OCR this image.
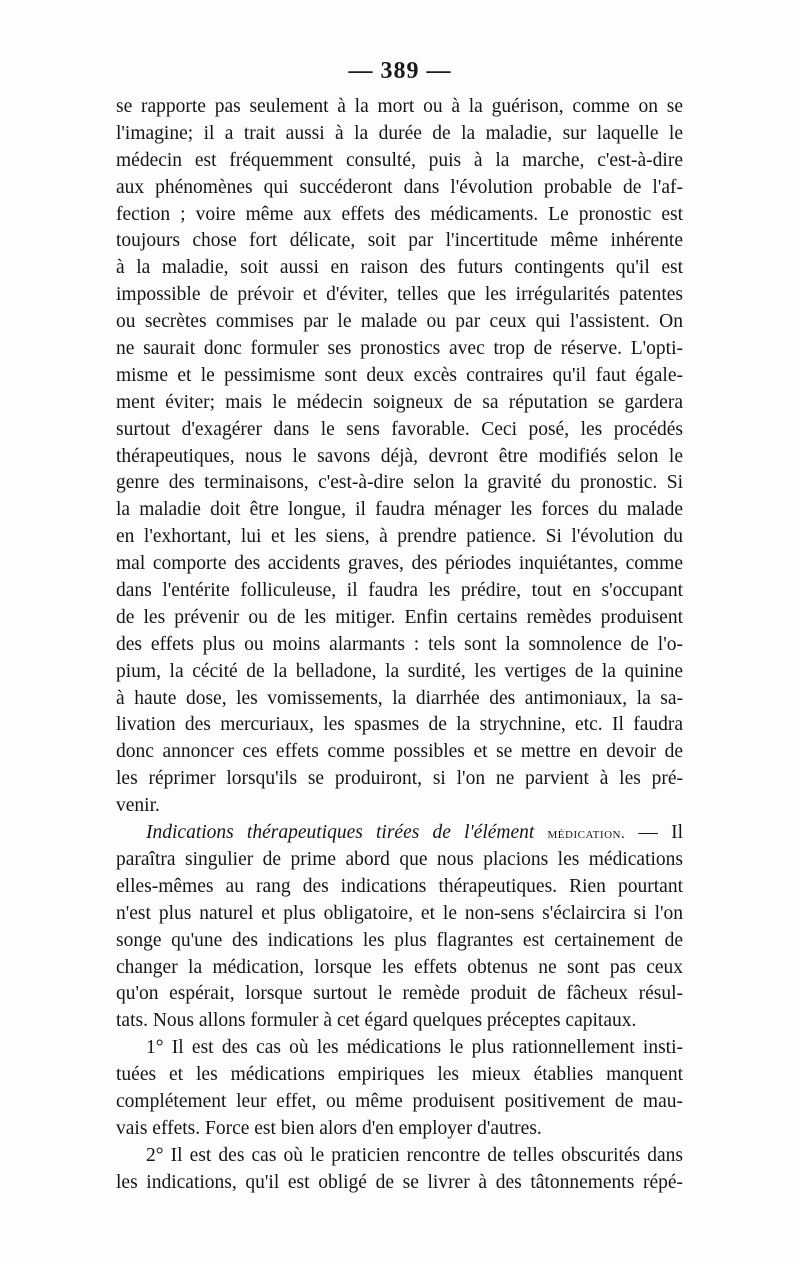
— 389 —
se rapporte pas seulement à la mort ou à la guérison, comme on se
l'imagine; il a trait aussi à la durée de la maladie, sur laquelle le
médecin est fréquemment consulté, puis à la marche, c'est-à-dire
aux phénomènes qui succéderont dans l'évolution probable de l'af-
fection ; voire même aux effets des médicaments. Le pronostic est
toujours chose fort délicate, soit par l'incertitude même inhérente
à la maladie, soit aussi en raison des futurs contingents qu'il est
impossible de prévoir et d'éviter, telles que les irrégularités patentes
ou secrètes commises par le malade ou par ceux qui l'assistent. On
ne saurait donc formuler ses pronostics avec trop de réserve. L'opti-
misme et le pessimisme sont deux excès contraires qu'il faut égale-
ment éviter; mais le médecin soigneux de sa réputation se gardera
surtout d'exagérer dans le sens favorable. Ceci posé, les procédés
thérapeutiques, nous le savons déjà, devront être modifiés selon le
genre des terminaisons, c'est-à-dire selon la gravité du pronostic. Si
la maladie doit être longue, il faudra ménager les forces du malade
en l'exhortant, lui et les siens, à prendre patience. Si l'évolution du
mal comporte des accidents graves, des périodes inquiétantes, comme
dans l'entérite folliculeuse, il faudra les prédire, tout en s'occupant
de les prévenir ou de les mitiger. Enfin certains remèdes produisent
des effets plus ou moins alarmants : tels sont la somnolence de l'o-
pium, la cécité de la belladone, la surdité, les vertiges de la quinine
à haute dose, les vomissements, la diarrhée des antimoniaux, la sa-
livation des mercuriaux, les spasmes de la strychnine, etc. Il faudra
donc annoncer ces effets comme possibles et se mettre en devoir de
les réprimer lorsqu'ils se produiront, si l'on ne parvient à les pré-
venir.
Indications thérapeutiques tirées de l'élément médication. — Il
paraîtra singulier de prime abord que nous placions les médications
elles-mêmes au rang des indications thérapeutiques. Rien pourtant
n'est plus naturel et plus obligatoire, et le non-sens s'éclaircira si l'on
songe qu'une des indications les plus flagrantes est certainement de
changer la médication, lorsque les effets obtenus ne sont pas ceux
qu'on espérait, lorsque surtout le remède produit de fâcheux résul-
tats. Nous allons formuler à cet égard quelques préceptes capitaux.
1° Il est des cas où les médications le plus rationnellement insti-
tuées et les médications empiriques les mieux établies manquent
complétement leur effet, ou même produisent positivement de mau-
vais effets. Force est bien alors d'en employer d'autres.
2° Il est des cas où le praticien rencontre de telles obscurités dans
les indications, qu'il est obligé de se livrer à des tâtonnements répé-
